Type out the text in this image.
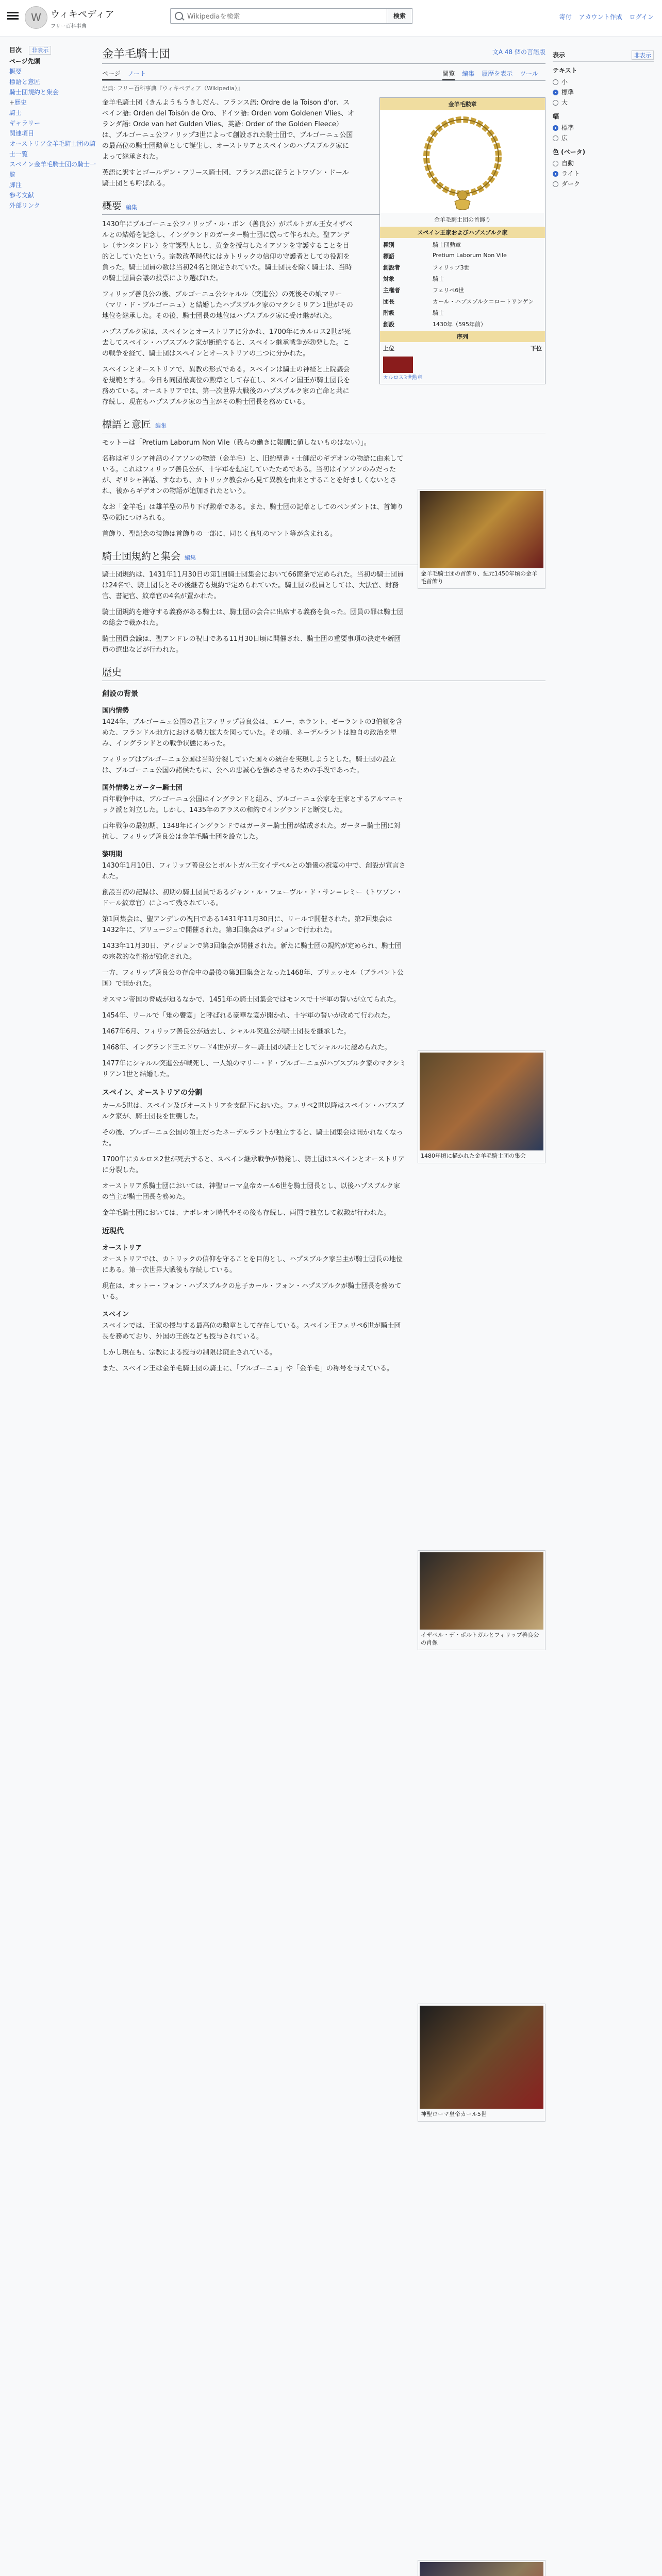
W	ウィキペディア
フリー百科事典
Wikipediaを検索
検索	寄付 アカウント作成 ログイン
目次 非表示
ページ先頭
概要
標語と意匠
騎士団規約と集会
+歴史
騎士
ギャラリー
関連項目
オーストリア金羊毛騎士団の騎士一覧
スペイン金羊毛騎士団の騎士一覧
脚注
参考文献
外部リンク
金羊毛騎士団	文A 48 個の言語版
ページ ノート	閲覧 編集 履歴を表示 ツール
出典: フリー百科事典『ウィキペディア（Wikipedia）』
金羊毛勲章
金羊毛騎士団の首飾り
スペイン王家およびハプスブルク家
種別	騎士団勲章
標語	Pretium Laborum Non Vile
創設者	フィリップ3世
対象	騎士
主権者	フェリペ6世
団長	カール・ハプスブルク＝ロートリンゲン
階級	騎士
創設	1430年（595年前）
序列
上位	下位
カルロス3世勲章

金羊毛騎士団（きんようもうきしだん、フランス語: Ordre de la Toison d'or、スペイン語: Orden del Toisón de Oro、ドイツ語: Orden vom Goldenen Vlies、オランダ語: Orde van het Gulden Vlies、英語: Order of the Golden Fleece）は、ブルゴーニュ公フィリップ3世によって創設された騎士団で、ブルゴーニュ公国の最高位の騎士団勲章として誕生し、オーストリアとスペインのハプスブルク家によって継承された。

英語に訳すとゴールデン・フリース騎士団、フランス語に従うとトワゾン・ドール騎士団とも呼ばれる。

概要 編集

1430年にブルゴーニュ公フィリップ・ル・ボン（善良公）がポルトガル王女イザベルとの結婚を記念し、イングランドのガーター騎士団に倣って作られた。聖アンデレ（サンタンドレ）を守護聖人とし、黄金を授与したイアソンを守護することを目的としていたという。宗教改革時代にはカトリックの信仰の守護者としての役割を負った。騎士団員の数は当初24名と限定されていた。騎士団長を除く騎士は、当時の騎士団員会議の投票により選ばれた。

フィリップ善良公の後、ブルゴーニュ公シャルル（突進公）の死後その娘マリー（マリ・ド・ブルゴーニュ）と結婚したハプスブルク家のマクシミリアン1世がその地位を継承した。その後、騎士団長の地位はハプスブルク家に受け継がれた。

ハプスブルク家は、スペインとオーストリアに分かれ、1700年にカルロス2世が死去してスペイン・ハプスブルク家が断絶すると、スペイン継承戦争が勃発した。この戦争を経て、騎士団はスペインとオーストリアの二つに分かれた。

スペインとオーストリアで、異教の形式である。スペインは騎士の神経と上院議会を規範とする。今日も同団最高位の勲章として存在し、スペイン国王が騎士団長を務めている。オーストリアでは、第一次世界大戦後のハプスブルク家の亡命と共に存続し、現在もハプスブルク家の当主がその騎士団長を務めている。

標語と意匠 編集

モットーは「Pretium Laborum Non Vile（我らの働きに報酬に値しないものはない）」。

名称はギリシア神話のイアソンの物語（金羊毛）と、旧約聖書・士師記のギデオンの物語に由来している。これはフィリップ善良公が、十字軍を想定していたためである。当初はイアソンのみだったが、ギリシャ神話、すなわち、カトリック教会から見て異教を由来とすることを好ましくないとされ、後からギデオンの物語が追加されたという。

なお「金羊毛」は雄羊型の吊り下げ勲章である。また、騎士団の記章としてのペンダントは、首飾り型の鎖につけられる。

首飾り、聖記念の装飾は首飾りの一部に、同じく真紅のマント等が含まれる。

騎士団規約と集会 編集

騎士団規約は、1431年11月30日の第1回騎士団集会において66箇条で定められた。当初の騎士団員は24名で、騎士団長とその後継者も規約で定められていた。騎士団の役員としては、大法官、財務官、書記官、紋章官の4名が置かれた。

騎士団規約を遵守する義務がある騎士は、騎士団の会合に出席する義務を負った。団員の罪は騎士団の総会で裁かれた。

騎士団員会議は、聖アンドレの祝日である11月30日頃に開催され、騎士団の重要事項の決定や新団員の選出などが行われた。

歴史
創設の背景
国内情勢

1424年、ブルゴーニュ公国の君主フィリップ善良公は、エノー、ホラント、ゼーラントの3伯領を含めた、フランドル地方における勢力拡大を図っていた。その頃、ネーデルラントは独自の政治を望み、イングランドとの戦争状態にあった。

フィリップはブルゴーニュ公国は当時分裂していた国々の統合を実現しようとした。騎士団の設立は、ブルゴーニュ公国の諸侯たちに、公への忠誠心を強めさせるための手段であった。

国外情勢とガーター騎士団

百年戦争中は、ブルゴーニュ公国はイングランドと組み、ブルゴーニュ公家を王家とするアルマニャック派と対立した。しかし、1435年のアラスの和約でイングランドと断交した。

百年戦争の最初期、1348年にイングランドではガーター騎士団が結成された。ガーター騎士団に対抗し、フィリップ善良公は金羊毛騎士団を設立した。

黎明期

1430年1月10日、フィリップ善良公とポルトガル王女イザベルとの婚儀の祝宴の中で、創設が宣言された。

創設当初の記録は、初期の騎士団員であるジャン・ル・フェーヴル・ド・サン＝レミー（トワゾン・ドール紋章官）によって残されている。

第1回集会は、聖アンデレの祝日である1431年11月30日に、リールで開催された。第2回集会は1432年に、ブリュージュで開催された。第3回集会はディジョンで行われた。

1433年11月30日、ディジョンで第3回集会が開催された。新たに騎士団の規約が定められ、騎士団の宗教的な性格が強化された。

一方、フィリップ善良公の存命中の最後の第3回集会となった1468年、ブリュッセル（ブラバント公国）で開かれた。

オスマン帝国の脅威が迫るなかで、1451年の騎士団集会ではモンスで十字軍の誓いが立てられた。

1454年、リールで「雉の饗宴」と呼ばれる豪華な宴が開かれ、十字軍の誓いが改めて行われた。

1467年6月、フィリップ善良公が逝去し、シャルル突進公が騎士団長を継承した。

1468年、イングランド王エドワード4世がガーター騎士団の騎士としてシャルルに認められた。

1477年にシャルル突進公が戦死し、一人娘のマリー・ド・ブルゴーニュがハプスブルク家のマクシミリアン1世と結婚した。

スペイン、オーストリアの分割

カール5世は、スペイン及びオーストリアを支配下においた。フェリペ2世以降はスペイン・ハプスブルク家が、騎士団長を世襲した。

その後、ブルゴーニュ公国の領土だったネーデルラントが独立すると、騎士団集会は開かれなくなった。

1700年にカルロス2世が死去すると、スペイン継承戦争が勃発し、騎士団はスペインとオーストリアに分裂した。

オーストリア系騎士団においては、神聖ローマ皇帝カール6世を騎士団長とし、以後ハプスブルク家の当主が騎士団長を務めた。

金羊毛騎士団においては、ナポレオン時代やその後も存続し、両国で独立して叙勲が行われた。

近現代
オーストリア

オーストリアでは、カトリックの信仰を守ることを目的とし、ハプスブルク家当主が騎士団長の地位にある。第一次世界大戦後も存続している。

現在は、オットー・フォン・ハプスブルクの息子カール・フォン・ハプスブルクが騎士団長を務めている。

スペイン

スペインでは、王家の授与する最高位の勲章として存在している。スペイン王フェリペ6世が騎士団長を務めており、外国の王族なども授与されている。

しかし現在も、宗教による授与の制限は廃止されている。

また、スペイン王は金羊毛騎士団の騎士に、「ブルゴーニュ」や「金羊毛」の称号を与えている。

金羊毛騎士団の首飾り、紀元1450年頃の金羊毛首飾り
1480年頃に描かれた金羊毛騎士団の集会
イザベル・デ・ポルトガルとフィリップ善良公の肖像
神聖ローマ皇帝カール5世

表示	非表示
テキスト
小
標準
大
幅
標準
広
色 (ベータ)
自動
ライト
ダーク
